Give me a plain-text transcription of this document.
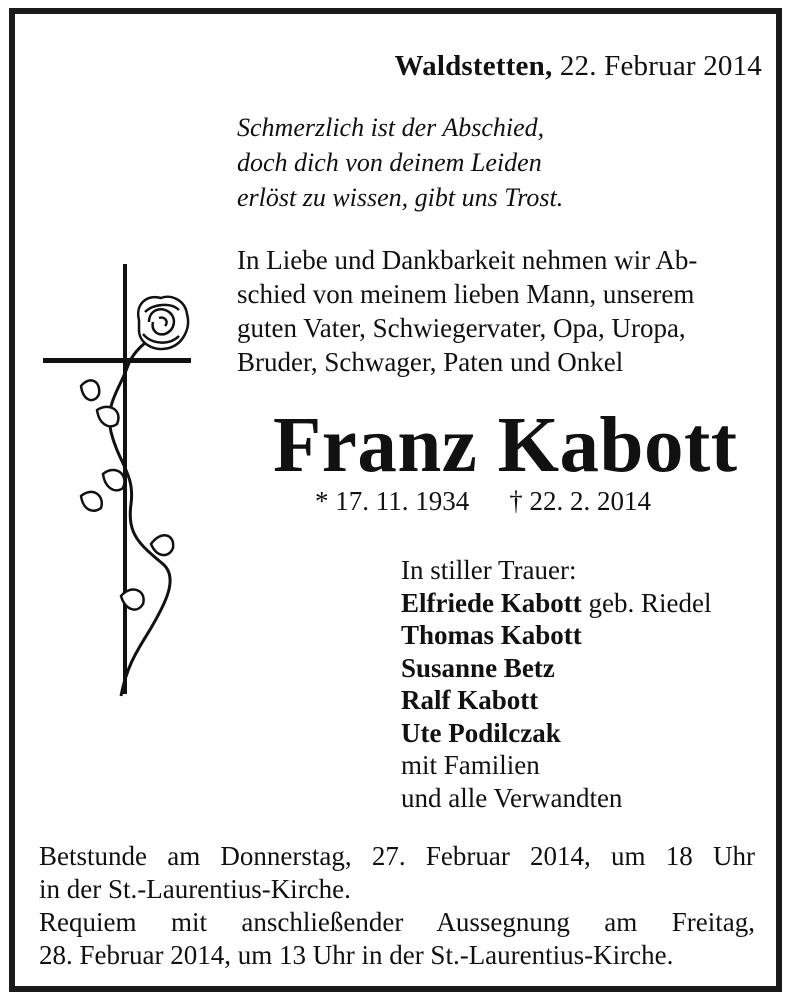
Waldstetten, 22. Februar 2014
Schmerzlich ist der Abschied,
doch dich von deinem Leiden
erlöst zu wissen, gibt uns Trost.
In Liebe und Dankbarkeit nehmen wir Ab-
schied von meinem lieben Mann, unserem
guten Vater, Schwiegervater, Opa, Uropa,
Bruder, Schwager, Paten und Onkel
Franz Kabott
* 17. 11. 1934 † 22. 2. 2014
In stiller Trauer:
Elfriede Kabott geb. Riedel
Thomas Kabott
Susanne Betz
Ralf Kabott
Ute Podilczak
mit Familien
und alle Verwandten
Betstunde am Donnerstag, 27. Februar 2014, um 18 Uhr
in der St.-Laurentius-Kirche.
Requiem mit anschließender Aussegnung am Freitag,
28. Februar 2014, um 13 Uhr in der St.-Laurentius-Kirche.
